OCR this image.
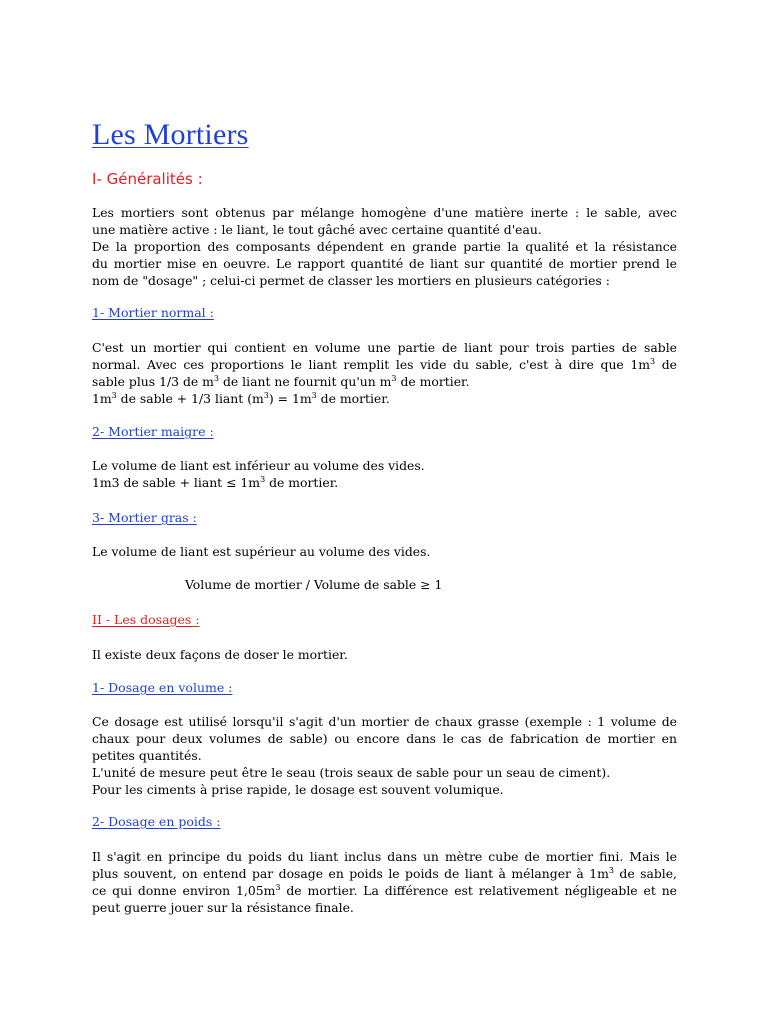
Les Mortiers
I- Généralités :
Les mortiers sont obtenus par mélange homogène d'une matière inerte : le sable, avec
une matière active : le liant, le tout gâché avec certaine quantité d'eau.
De la proportion des composants dépendent en grande partie la qualité et la résistance
du mortier mise en oeuvre. Le rapport quantité de liant sur quantité de mortier prend le
nom de "dosage" ; celui-ci permet de classer les mortiers en plusieurs catégories :
1- Mortier normal :
C'est un mortier qui contient en volume une partie de liant pour trois parties de sable
normal. Avec ces proportions le liant remplit les vide du sable, c'est à dire que $1m^3$ de
sable plus 1/3 de $m^3$ de liant ne fournit qu'un $m^3$ de mortier.
$1m^3$ de sable + 1/3 liant $(m^3) = 1m^3$ de mortier.
2- Mortier maigre :
Le volume de liant est inférieur au volume des vides.
1m3 de sable + liant ≤ $1m^3$ de mortier.
3- Mortier gras :
Le volume de liant est supérieur au volume des vides.

Volume de mortier / Volume de sable ≥ 1

II - Les dosages :
Il existe deux façons de doser le mortier.
1- Dosage en volume :
Ce dosage est utilisé lorsqu'il s'agit d'un mortier de chaux grasse (exemple : 1 volume de
chaux pour deux volumes de sable) ou encore dans le cas de fabrication de mortier en
petites quantités.
L'unité de mesure peut être le seau (trois seaux de sable pour un seau de ciment).
Pour les ciments à prise rapide, le dosage est souvent volumique.
2- Dosage en poids :
Il s'agit en principe du poids du liant inclus dans un mètre cube de mortier fini. Mais le
plus souvent, on entend par dosage en poids le poids de liant à mélanger à $1m^3$ de sable,
ce qui donne environ $1,05m^3$ de mortier. La différence est relativement négligeable et ne
peut guerre jouer sur la résistance finale.
